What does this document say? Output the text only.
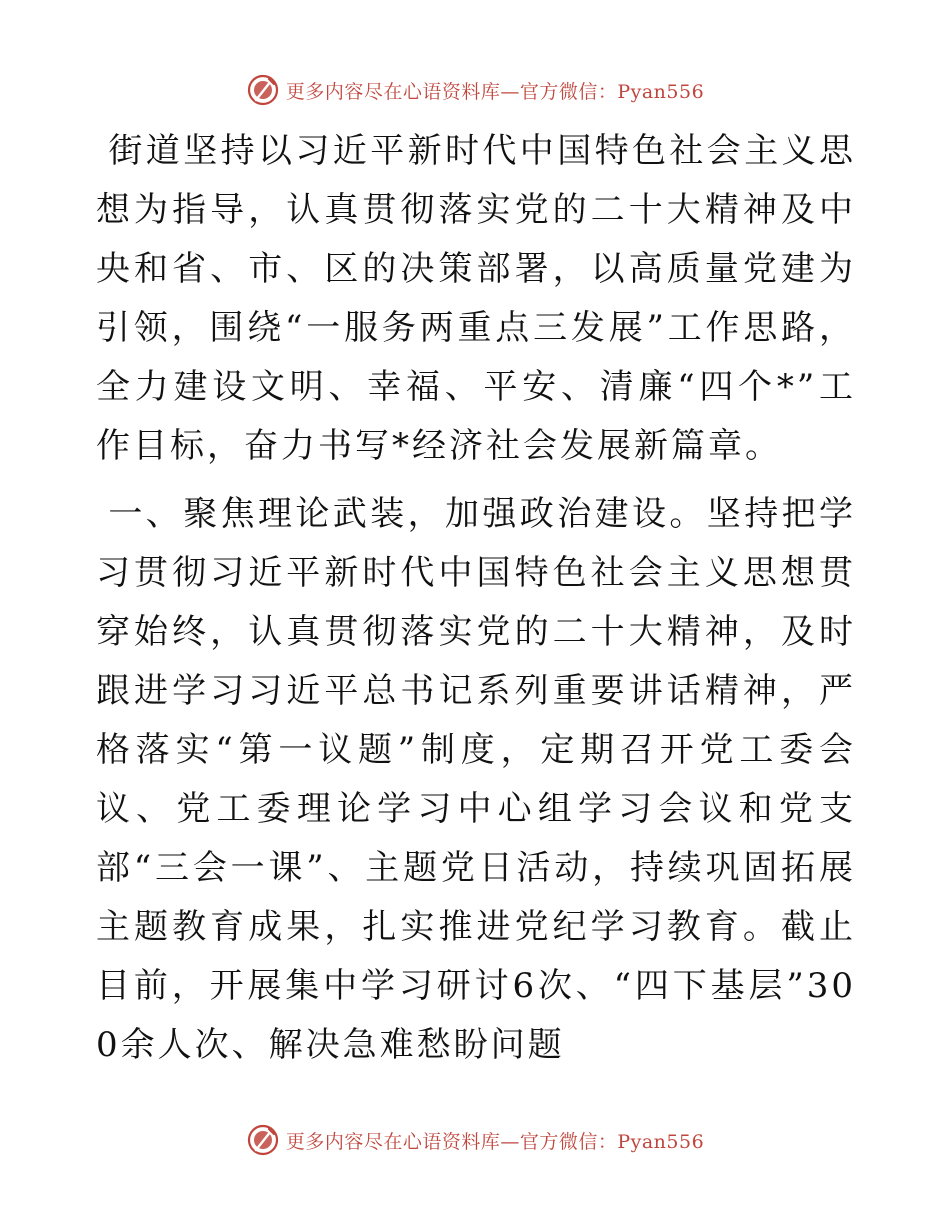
更多内容尽在心语资料库—官方微信：Pyan556

街道坚持以习近平新时代中国特色社会主义思想为指导，认真贯彻落实党的二十大精神及中央和省、市、区的决策部署，以高质量党建为引领，围绕“一服务两重点三发展”工作思路，全力建设文明、幸福、平安、清廉“四个*”工作目标，奋力书写*经济社会发展新篇章。

一、聚焦理论武装，加强政治建设。坚持把学习贯彻习近平新时代中国特色社会主义思想贯穿始终，认真贯彻落实党的二十大精神，及时跟进学习习近平总书记系列重要讲话精神，严格落实“第一议题”制度，定期召开党工委会议、党工委理论学习中心组学习会议和党支部“三会一课”、主题党日活动，持续巩固拓展主题教育成果，扎实推进党纪学习教育。截止目前，开展集中学习研讨6次、“四下基层”300余人次、解决急难愁盼问题

更多内容尽在心语资料库—官方微信：Pyan556
